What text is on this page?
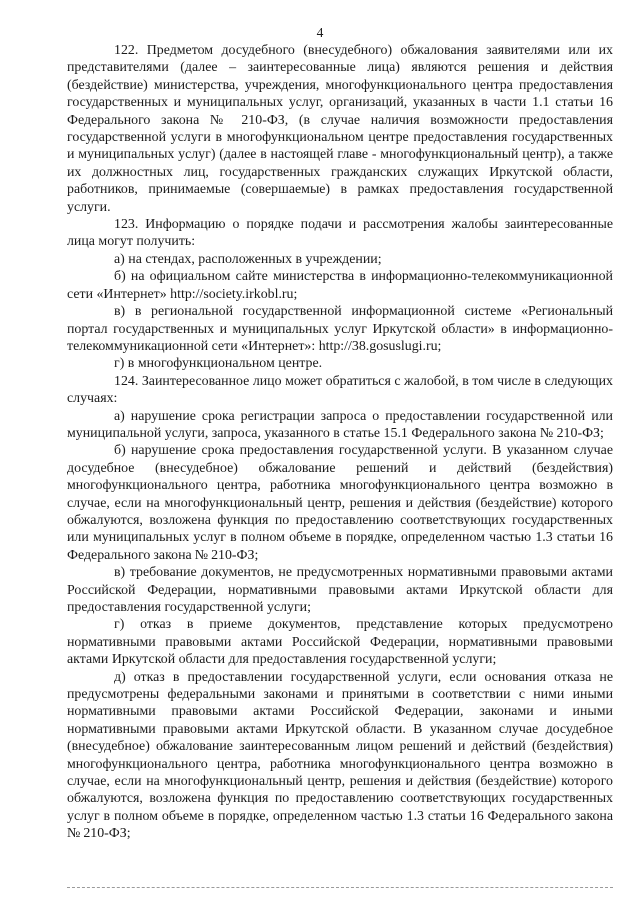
4

122. Предметом досудебного (внесудебного) обжалования заявителями или их представителями (далее – заинтересованные лица) являются решения и действия (бездействие) министерства, учреждения, многофункционального центра предоставления государственных и муниципальных услуг, организаций, указанных в части 1.1 статьи 16 Федерального закона № 210-ФЗ, (в случае наличия возможности предоставления государственной услуги в многофункциональном центре предоставления государственных и муниципальных услуг) (далее в настоящей главе - многофункциональный центр), а также их должностных лиц, государственных гражданских служащих Иркутской области, работников, принимаемые (совершаемые) в рамках предоставления государственной услуги.

123. Информацию о порядке подачи и рассмотрения жалобы заинтересованные лица могут получить:

а) на стендах, расположенных в учреждении;

б) на официальном сайте министерства в информационно-телекоммуникационной сети «Интернет» http://society.irkobl.ru;

в) в региональной государственной информационной системе «Региональный портал государственных и муниципальных услуг Иркутской области» в информационно-телекоммуникационной сети «Интернет»: http://38.gosuslugi.ru;

г) в многофункциональном центре.

124. Заинтересованное лицо может обратиться с жалобой, в том числе в следующих случаях:

а) нарушение срока регистрации запроса о предоставлении государственной или муниципальной услуги, запроса, указанного в статье 15.1 Федерального закона № 210-ФЗ;

б) нарушение срока предоставления государственной услуги. В указанном случае досудебное (внесудебное) обжалование решений и действий (бездействия) многофункционального центра, работника многофункционального центра возможно в случае, если на многофункциональный центр, решения и действия (бездействие) которого обжалуются, возложена функция по предоставлению соответствующих государственных или муниципальных услуг в полном объеме в порядке, определенном частью 1.3 статьи 16 Федерального закона № 210-ФЗ;

в) требование документов, не предусмотренных нормативными правовыми актами Российской Федерации, нормативными правовыми актами Иркутской области для предоставления государственной услуги;

г) отказ в приеме документов, представление которых предусмотрено нормативными правовыми актами Российской Федерации, нормативными правовыми актами Иркутской области для предоставления государственной услуги;

д) отказ в предоставлении государственной услуги, если основания отказа не предусмотрены федеральными законами и принятыми в соответствии с ними иными нормативными правовыми актами Российской Федерации, законами и иными нормативными правовыми актами Иркутской области. В указанном случае досудебное (внесудебное) обжалование заинтересованным лицом решений и действий (бездействия) многофункционального центра, работника многофункционального центра возможно в случае, если на многофункциональный центр, решения и действия (бездействие) которого обжалуются, возложена функция по предоставлению соответствующих государственных услуг в полном объеме в порядке, определенном частью 1.3 статьи 16 Федерального закона № 210-ФЗ;
